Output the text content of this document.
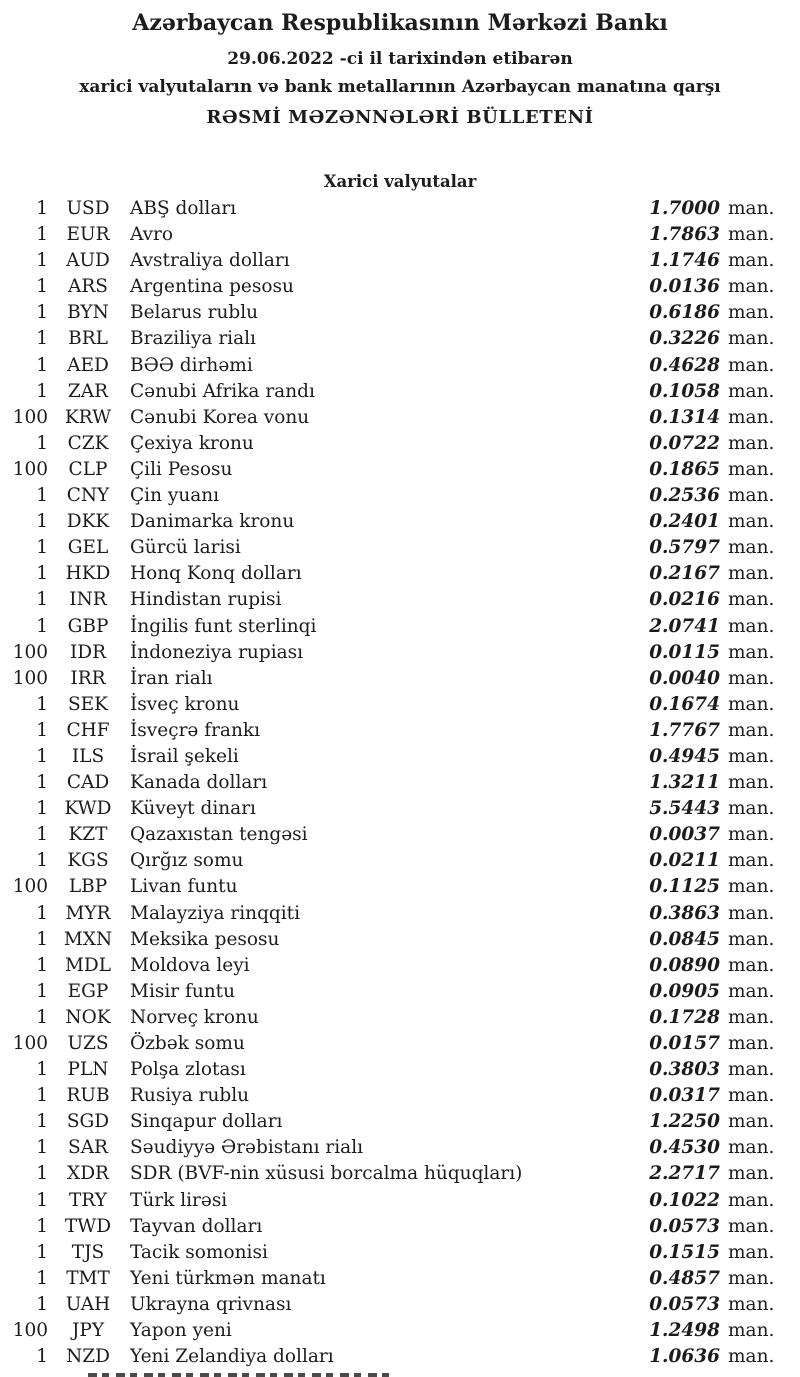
Azərbaycan Respublikasının Mərkəzi Bankı
29.06.2022 -ci il tarixindən etibarən
xarici valyutaların və bank metallarının Azərbaycan manatına qarşı
RƏSMİ MƏZƏNNƏLƏRİ BÜLLETENİ
Xarici valyutalar
1 USD	ABŞ dolları	1.7000 man.
1 EUR	Avro	1.7863 man.
1 AUD	Avstraliya dolları	1.1746 man.
1	ARS	Argentina pesosu	0.0136 man.
1	BYN	Belarus rublu	0.6186 man.
1	BRL	Braziliya rialı	0.3226 man.
1	AED	BƏƏ dirhəmi	0.4628 man.
1	ZAR	Cənubi Afrika randı	0.1058 man.
100 KRW	Cənubi Korea vonu	0.1314 man.
1	CZK	Çexiya kronu	0.0722 man.
100	CLP	Çili Pesosu	0.1865 man.
1	CNY	Çin yuanı	0.2536 man.
1	DKK	Danimarka kronu	0.2401 man.
1	GEL	Gürcü larisi	0.5797 man.
1 HKD	Honq Konq dolları	0.2167 man.
1	INR	Hindistan rupisi	0.0216 man.
1	GBP	İngilis funt sterlinqi	2.0741 man.
100	IDR	İndoneziya rupiası	0.0115 man.
100	IRR	İran rialı	0.0040 man.
1	SEK	İsveç kronu	0.1674 man.
1 CHF	İsveçrə frankı	1.7767 man.
1	ILS	İsrail şekeli	0.4945 man.
1	CAD	Kanada dolları	1.3211 man.
1 KWD	Küveyt dinarı	5.5443 man.
1	KZT	Qazaxıstan tengəsi	0.0037 man.
1	KGS	Qırğız somu	0.0211 man.
100	LBP	Livan funtu	0.1125 man.
1 MYR	Malayziya rinqqiti	0.3863 man.
1 MXN Meksika pesosu	0.0845 man.
1 MDL	Moldova leyi	0.0890 man.
1	EGP	Misir funtu	0.0905 man.
1 NOK	Norveç kronu	0.1728 man.
100	UZS	Özbək somu	0.0157 man.
1	PLN	Polşa zlotası	0.3803 man.
1 RUB	Rusiya rublu	0.0317 man.
1	SGD	Sinqapur dolları	1.2250 man.
1	SAR	Səudiyyə Ərəbistanı rialı	0.4530 man.
1	XDR	SDR (BVF-nin xüsusi borcalma hüquqları)	2.2717 man.
1	TRY	Türk lirəsi	0.1022 man.
1 TWD	Tayvan dolları	0.0573 man.
1	TJS	Tacik somonisi	0.1515 man.
1 TMT	Yeni türkmən manatı	0.4857 man.
1 UAH	Ukrayna qrivnası	0.0573 man.
100	JPY	Yapon yeni	1.2498 man.
1 NZD	Yeni Zelandiya dolları	1.0636 man.
